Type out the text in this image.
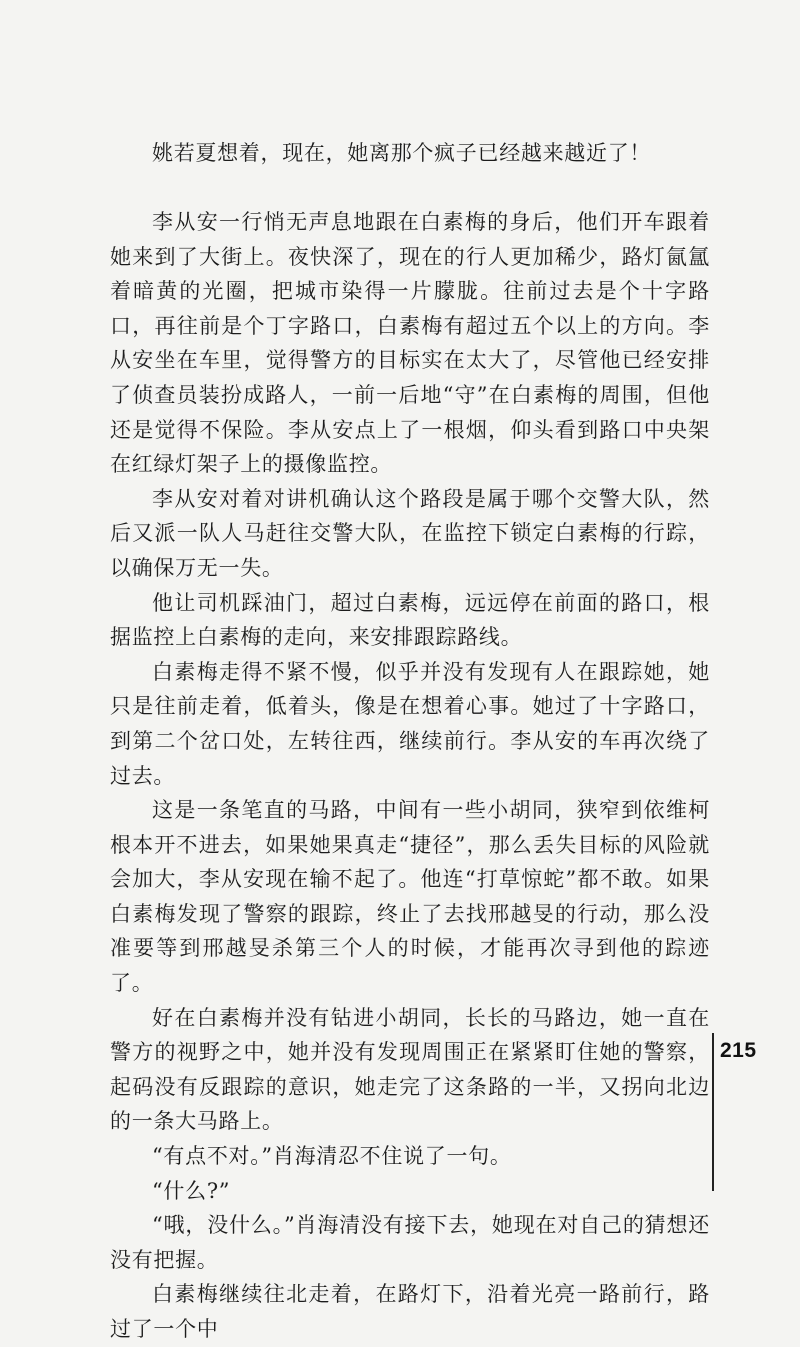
姚若夏想着，现在，她离那个疯子已经越来越近了！

李从安一行悄无声息地跟在白素梅的身后，他们开车跟着她来到了大街上。夜快深了，现在的行人更加稀少，路灯氤氲着暗黄的光圈，把城市染得一片朦胧。往前过去是个十字路口，再往前是个丁字路口，白素梅有超过五个以上的方向。李从安坐在车里，觉得警方的目标实在太大了，尽管他已经安排了侦查员装扮成路人，一前一后地“守”在白素梅的周围，但他还是觉得不保险。李从安点上了一根烟，仰头看到路口中央架在红绿灯架子上的摄像监控。

李从安对着对讲机确认这个路段是属于哪个交警大队，然后又派一队人马赶往交警大队，在监控下锁定白素梅的行踪，以确保万无一失。

他让司机踩油门，超过白素梅，远远停在前面的路口，根据监控上白素梅的走向，来安排跟踪路线。

白素梅走得不紧不慢，似乎并没有发现有人在跟踪她，她只是往前走着，低着头，像是在想着心事。她过了十字路口，到第二个岔口处，左转往西，继续前行。李从安的车再次绕了过去。

这是一条笔直的马路，中间有一些小胡同，狭窄到依维柯根本开不进去，如果她果真走“捷径”，那么丢失目标的风险就会加大，李从安现在输不起了。他连“打草惊蛇”都不敢。如果白素梅发现了警察的跟踪，终止了去找邢越旻的行动，那么没准要等到邢越旻杀第三个人的时候，才能再次寻到他的踪迹了。

好在白素梅并没有钻进小胡同，长长的马路边，她一直在警方的视野之中，她并没有发现周围正在紧紧盯住她的警察，起码没有反跟踪的意识，她走完了这条路的一半，又拐向北边的一条大马路上。

“有点不对。”肖海清忍不住说了一句。

“什么?”

“哦，没什么。”肖海清没有接下去，她现在对自己的猜想还没有把握。

白素梅继续往北走着，在路灯下，沿着光亮一路前行，路过了一个中

215
